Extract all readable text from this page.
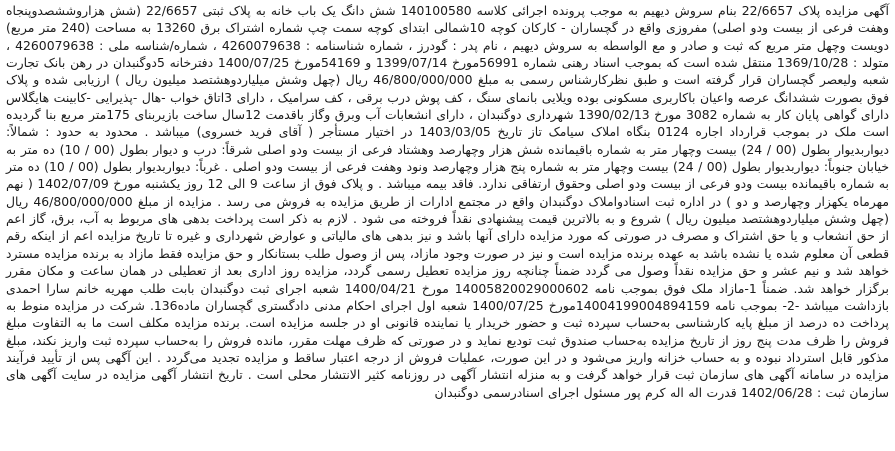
آگهی مزایده پلاک 22/6657 بنام سروش دیهیم به موجب پرونده اجرائی کلاسه 140100580 شش دانگ یک باب خانه به پلاک ثبتی 22/6657 (شش هزاروششصدوپنجاه وهفت فرعی از بیست ودو اصلی) مفروزی واقع در گچساران - کارکان کوچه 10شمالی ابتدای کوچه سمت چپ شماره اشتراک برق 13260 به مساحت (240 متر مربع) دویست وچهل متر مربع که ثبت و صادر و مع الواسطه به سروش دیهیم ، نام پدر : گودرز ، شماره شناسنامه : 4260079638 ، شماره/شناسه ملی : 4260079638 ، متولد : 1369/10/28 منتقل شده است که بموجب اسناد رهنی شماره 56991مورخ 1399/07/14 و 54169مورخ 1400/07/25 دفترخانه 5دوگنبدان در رهن بانک تجارت شعبه ولیعصر گچساران قرار گرفته است و طبق نظرکارشناس رسمی به مبلغ 46/800/000/000 ریال (چهل وشش میلیاردوهشتصد میلیون ریال ) ارزیابی شده و پلاک فوق بصورت ششدانگ عرصه واعیان باکاربری مسکونی بوده ویلایی بانمای سنگ ، کف پوش درب برقی ، کف سرامیک ، دارای 3اتاق خواب -هال -پذیرایی -کابینت هایگلاس دارای گواهی پایان کار به شماره 3082 مورخ 1390/02/13 شهرداری دوگنبدان ، دارای انشعابات آب وبرق وگاز باقدمت 12سال ساخت بازیربنای 175متر مربع بنا گردیده است ملک در بموجب قرارداد اجاره 0124 بنگاه املاک سیامک تاز تاریخ 1403/03/05 در اختیار مستأجر ( آقای فرید خسروی) میباشد . محدود به حدود : شمالاً: دیواربدیوار بطول (00 / 24) بیست وچهار متر به شماره باقیمانده شش هزار وچهارصد وهشتاد فرعی از بیست ودو اصلی شرقاً: درب و دیوار بطول (00 / 10) ده متر به خیابان جنوباً: دیواربدیوار بطول (00 / 24) بیست وچهار متر به شماره پنج هزار وچهارصد ونود وهفت فرعی از بیست ودو اصلی . غرباً: دیواربدیوار بطول (00 / 10) ده متر به شماره باقیمانده بیست ودو فرعی از بیست ودو اصلی وحقوق ارتفاقی ندارد. فاقد بیمه میباشد . و پلاک فوق از ساعت 9 الی 12 روز یکشنبه مورخ 1402/07/09 ( نهم مهرماه یکهزار وچهارصد و دو ) در اداره ثبت اسنادواملاک دوگنبدان واقع در مجتمع ادارات از طریق مزایده به فروش می رسد . مزایده از مبلغ 46/800/000/000 ریال (چهل وشش میلیاردوهشتصد میلیون ریال ) شروع و به بالاترین قیمت پیشنهادی نقداً فروخته می شود . لازم به ذکر است پرداخت بدهی های مربوط به آب، برق، گاز اعم از حق انشعاب و یا حق اشتراک و مصرف در صورتی که مورد مزایده دارای آنها باشد و نیز بدهی های مالیاتی و عوارض شهرداری و غیره تا تاریخ مزایده اعم از اینکه رقم قطعی آن معلوم شده یا نشده باشد به عهده برنده مزایده است و نیز در صورت وجود مازاد، پس از وصول طلب بستانکار و حق مزایده فقط مازاد به برنده مزایده مسترد خواهد شد و نیم عشر و حق مزایده نقداً وصول می گردد ضمناً چنانچه روز مزایده تعطیل رسمی گردد، مزایده روز اداری بعد از تعطیلی در همان ساعت و مکان مقرر برگزار خواهد شد. ضمناً 1-مازاد ملک فوق بموجب نامه 14005820029000602 مورخ 1400/04/21 شعبه اجرای ثبت دوگنبدان بابت طلب مهریه خانم سارا احمدی بازداشت میباشد -2- بموجب نامه 14004199004894159مورخ 1400/07/25 شعبه اول اجرای احکام مدنی دادگستری گچساران ماده136. شرکت در مزایده منوط به پرداخت ده درصد از مبلغ پایه کارشناسی به‌حساب سپرده ثبت و حضور خریدار یا نماینده قانونی او در جلسه مزایده است. برنده مزایده مکلف است ما به التفاوت مبلغ فروش را ظرف مدت پنج روز از تاریخ مزایده به‌حساب صندوق ثبت تودیع نماید و در صورتی که ظرف مهلت مقرر، مانده فروش را به‌حساب سپرده ثبت واریز نکند، مبلغ مذکور قابل استرداد نبوده و به حساب خزانه واریز می‌شود و در این صورت، عملیات فروش از درجه اعتبار ساقط و مزایده تجدید می‌گردد . این آگهی پس از تأیید فرآیند مزایده در سامانه آگهی های سازمان ثبت قرار خواهد گرفت و به منزله انتشار آگهی در روزنامه کثیر الانتشار محلی است . تاریخ انتشار آگهی مزایده در سایت آگهی های سازمان ثبت : 1402/06/28 قدرت اله اله کرم پور مسئول اجرای اسنادرسمی دوگنبدان
